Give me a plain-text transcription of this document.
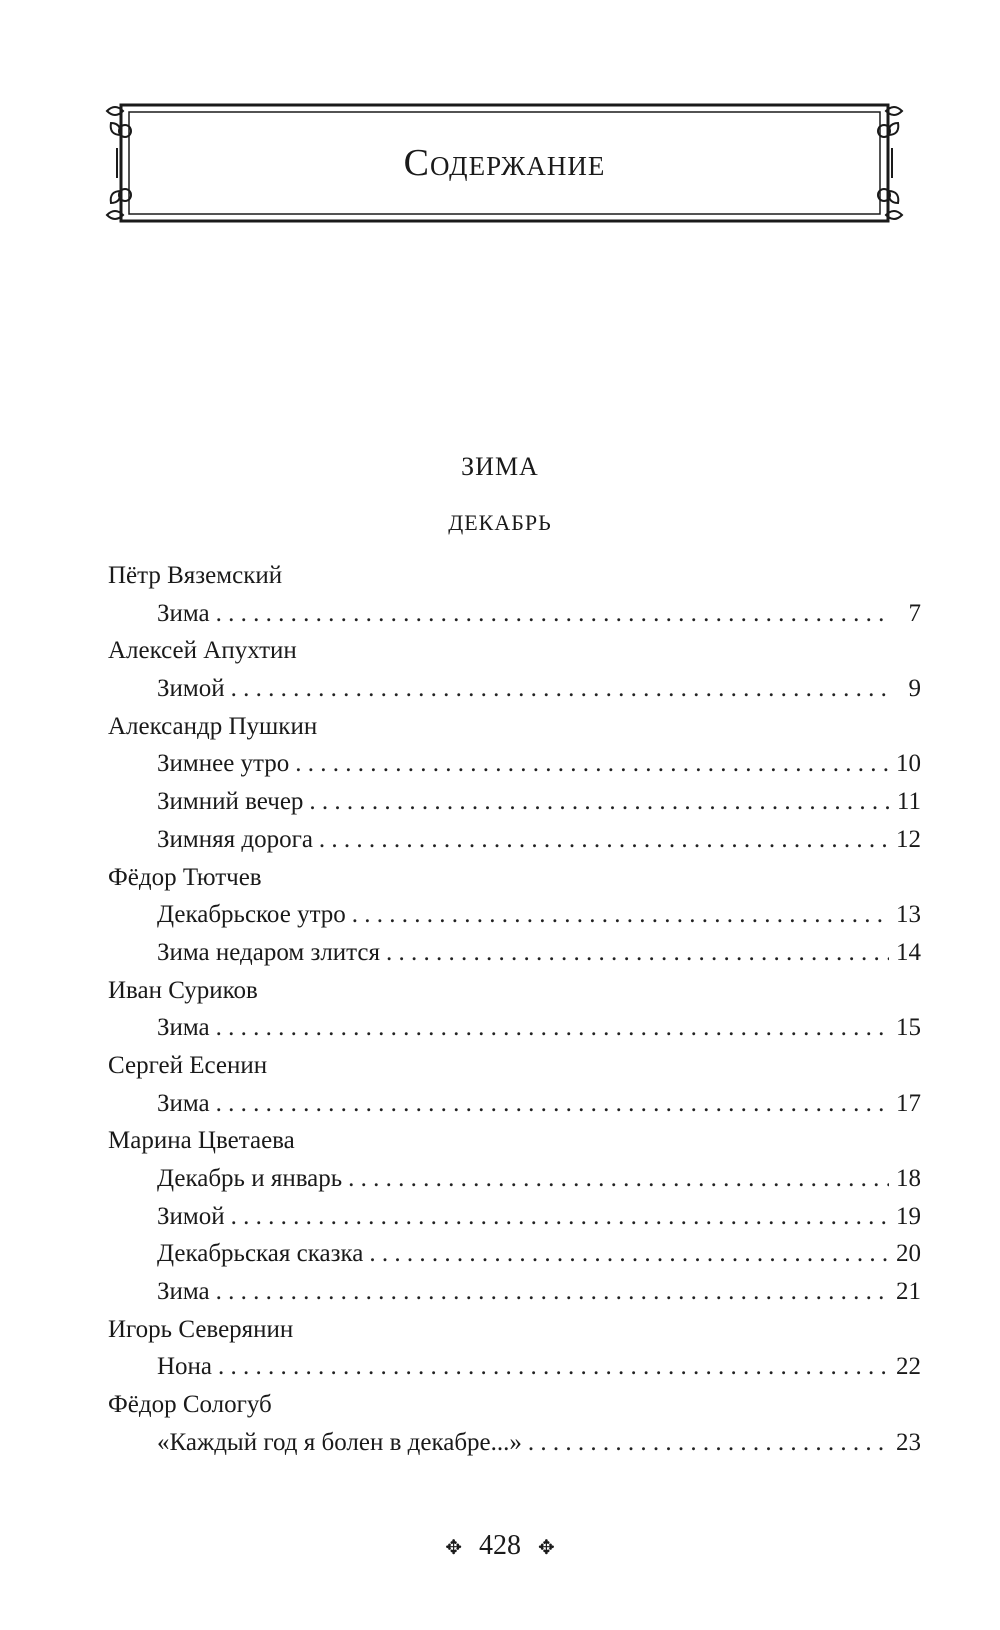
Содержание
ЗИМА
ДЕКАБРЬ
Пётр Вяземский
Зима . . .	7
Алексей Апухтин
Зимой . . .	9
Александр Пушкин
Зимнее утро . . .	10
Зимний вечер . . .	11
Зимняя дорога . . .	12
Фёдор Тютчев
Декабрьское утро . . .	13
Зима недаром злится . . .	14
Иван Суриков
Зима . . .	15
Сергей Есенин
Зима . . .	17
Марина Цветаева
Декабрь и январь . . .	18
Зимой . . .	19
Декабрьская сказка . . .	20
Зима . . .	21
Игорь Северянин
Нона . . .	22
Фёдор Сологуб
«Каждый год я болен в декабре...» . . .	23
✥ 428 ✥
